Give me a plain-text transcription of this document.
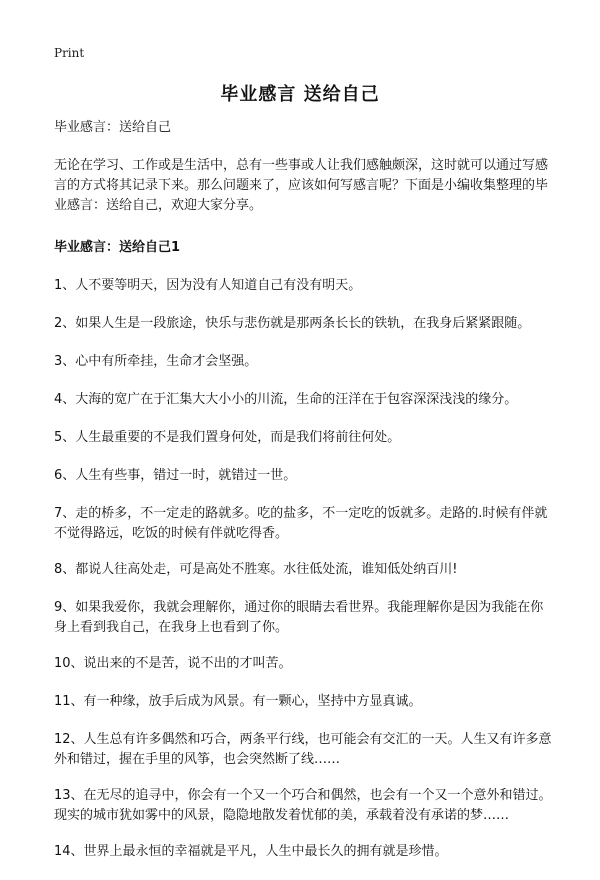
Print
毕业感言 送给自己

毕业感言：送给自己

无论在学习、工作或是生活中，总有一些事或人让我们感触颇深，这时就可以通过写感言的方式将其记录下来。那么问题来了，应该如何写感言呢？下面是小编收集整理的毕业感言：送给自己，欢迎大家分享。

毕业感言：送给自己1

1、人不要等明天，因为没有人知道自己有没有明天。

2、如果人生是一段旅途，快乐与悲伤就是那两条长长的铁轨，在我身后紧紧跟随。

3、心中有所牵挂，生命才会坚强。

4、大海的宽广在于汇集大大小小的川流，生命的汪洋在于包容深深浅浅的缘分。

5、人生最重要的不是我们置身何处，而是我们将前往何处。

6、人生有些事，错过一时，就错过一世。

7、走的桥多，不一定走的路就多。吃的盐多，不一定吃的饭就多。走路的.时候有伴就不觉得路远，吃饭的时候有伴就吃得香。

8、都说人往高处走，可是高处不胜寒。水往低处流，谁知低处纳百川!

9、如果我爱你，我就会理解你，通过你的眼睛去看世界。我能理解你是因为我能在你身上看到我自己，在我身上也看到了你。

10、说出来的不是苦，说不出的才叫苦。

11、有一种缘，放手后成为风景。有一颗心，坚持中方显真诚。

12、人生总有许多偶然和巧合，两条平行线，也可能会有交汇的一天。人生又有许多意外和错过，握在手里的风筝，也会突然断了线……

13、在无尽的追寻中，你会有一个又一个巧合和偶然，也会有一个又一个意外和错过。现实的城市犹如雾中的风景，隐隐地散发着忧郁的美，承载着没有承诺的梦……

14、世界上最永恒的幸福就是平凡，人生中最长久的拥有就是珍惜。
